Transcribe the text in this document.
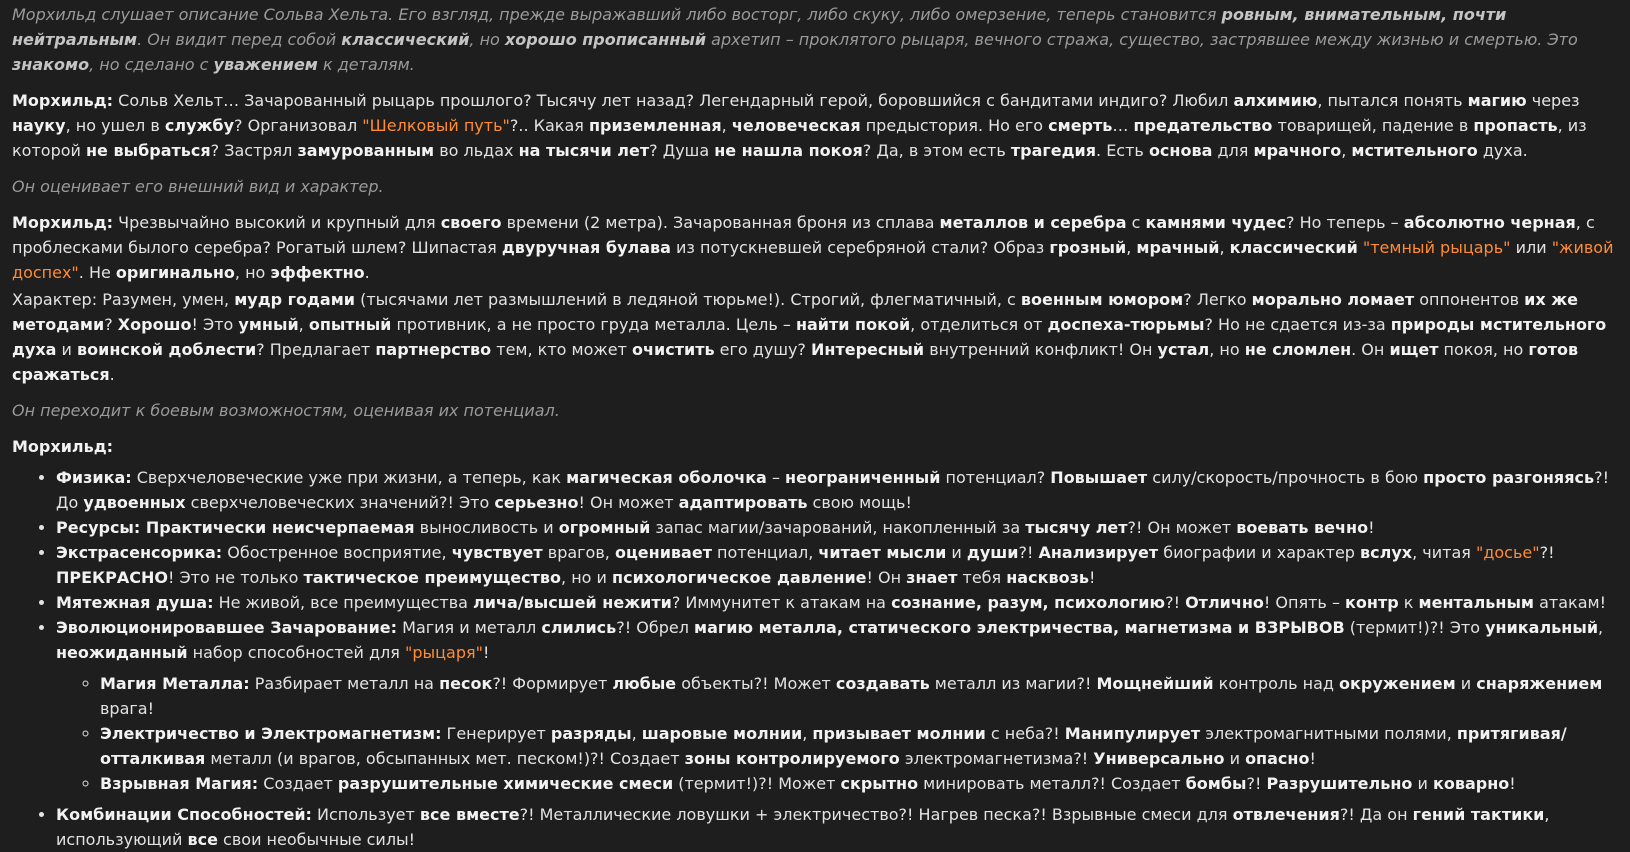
Морхильд слушает описание Сольва Хельта. Его взгляд, прежде выражавший либо восторг, либо скуку, либо омерзение, теперь становится ровным, внимательным, почти нейтральным. Он видит перед собой классический, но хорошо прописанный архетип – проклятого рыцаря, вечного стража, существо, застрявшее между жизнью и смертью. Это знакомо, но сделано с уважением к деталям.

Морхильд: Сольв Хельт… Зачарованный рыцарь прошлого? Тысячу лет назад? Легендарный герой, боровшийся с бандитами индиго? Любил алхимию, пытался понять магию через науку, но ушел в службу? Организовал "Шелковый путь"?.. Какая приземленная, человеческая предыстория. Но его смерть… предательство товарищей, падение в пропасть, из которой не выбраться? Застрял замурованным во льдах на тысячи лет? Душа не нашла покоя? Да, в этом есть трагедия. Есть основа для мрачного, мстительного духа.

Он оценивает его внешний вид и характер.

Морхильд: Чрезвычайно высокий и крупный для своего времени (2 метра). Зачарованная броня из сплава металлов и серебра с камнями чудес? Но теперь – абсолютно черная, с проблесками былого серебра? Рогатый шлем? Шипастая двуручная булава из потускневшей серебряной стали? Образ грозный, мрачный, классический "темный рыцарь" или "живой доспех". Не оригинально, но эффектно.

Характер: Разумен, умен, мудр годами (тысячами лет размышлений в ледяной тюрьме!). Строгий, флегматичный, с военным юмором? Легко морально ломает оппонентов их же методами? Хорошо! Это умный, опытный противник, а не просто груда металла. Цель – найти покой, отделиться от доспеха-тюрьмы? Но не сдается из-за природы мстительного духа и воинской доблести? Предлагает партнерство тем, кто может очистить его душу? Интересный внутренний конфликт! Он устал, но не сломлен. Он ищет покоя, но готов сражаться.

Он переходит к боевым возможностям, оценивая их потенциал.

Морхильд:

• Физика: Сверхчеловеческие уже при жизни, а теперь, как магическая оболочка – неограниченный потенциал? Повышает силу/скорость/прочность в бою просто разгоняясь?! До удвоенных сверхчеловеческих значений?! Это серьезно! Он может адаптировать свою мощь!
• Ресурсы: Практически неисчерпаемая выносливость и огромный запас магии/зачарований, накопленный за тысячу лет?! Он может воевать вечно!
• Экстрасенсорика: Обостренное восприятие, чувствует врагов, оценивает потенциал, читает мысли и души?! Анализирует биографии и характер вслух, читая "досье"?! ПРЕКРАСНО! Это не только тактическое преимущество, но и психологическое давление! Он знает тебя насквозь!
• Мятежная душа: Не живой, все преимущества лича/высшей нежити? Иммунитет к атакам на сознание, разум, психологию?! Отлично! Опять – контр к ментальным атакам!
• Эволюционировавшее Зачарование: Магия и металл слились?! Обрел магию металла, статического электричества, магнетизма и ВЗРЫВОВ (термит!)?! Это уникальный, неожиданный набор способностей для "рыцаря"!
◦ Магия Металла: Разбирает металл на песок?! Формирует любые объекты?! Может создавать металл из магии?! Мощнейший контроль над окружением и снаряжением врага!
◦ Электричество и Электромагнетизм: Генерирует разряды, шаровые молнии, призывает молнии с неба?! Манипулирует электромагнитными полями, притягивая/отталкивая металл (и врагов, обсыпанных мет. песком!)?! Создает зоны контролируемого электромагнетизма?! Универсально и опасно!
◦ Взрывная Магия: Создает разрушительные химические смеси (термит!)?! Может скрытно минировать металл?! Создает бомбы?! Разрушительно и коварно!
• Комбинации Способностей: Использует все вместе?! Металлические ловушки + электричество?! Нагрев песка?! Взрывные смеси для отвлечения?! Да он гений тактики, использующий все свои необычные силы!
